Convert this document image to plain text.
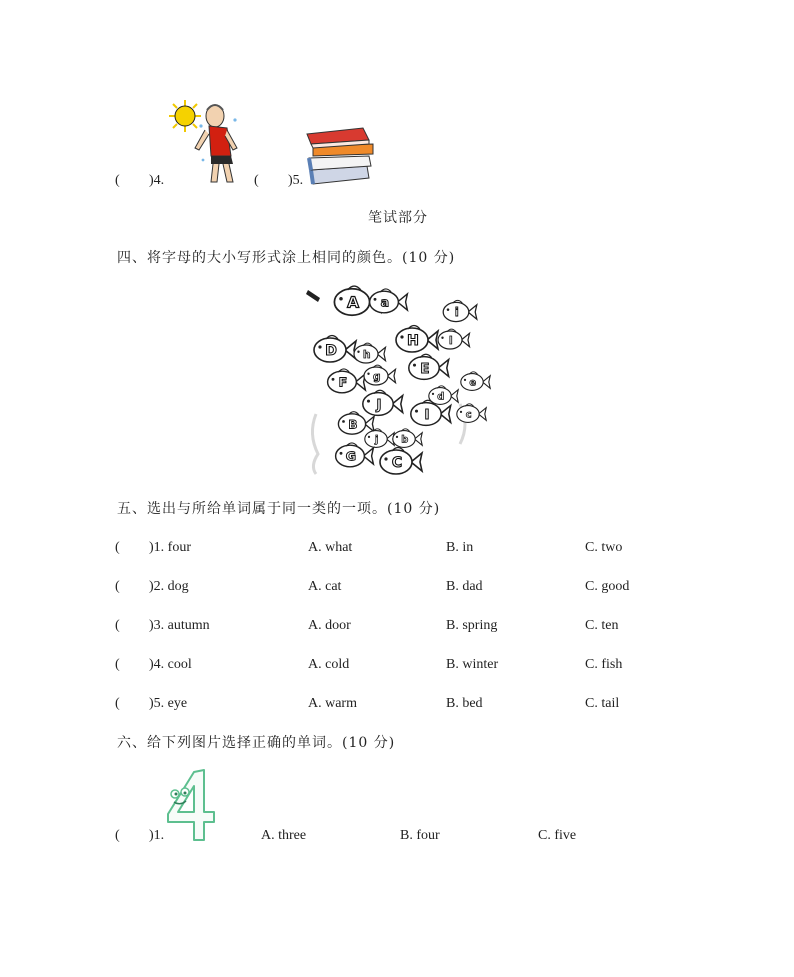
( )4.	( )5.
笔试部分
四、将字母的大小写形式涂上相同的颜色。(10 分)
A a
i
D h
H l
F g	E
e
d
J
I	c
B
j b
G	C
五、选出与所给单词属于同一类的一项。(10 分)
( )1. four	A. what	B. in	C. two
( )2. dog	A. cat	B. dad	C. good
( )3. autumn	A. door	B. spring	C. ten
( )4. cool	A. cold	B. winter	C. fish
( )5. eye	A. warm	B. bed	C. tail
六、给下列图片选择正确的单词。(10 分)
( )1.	A. three	B. four	C. five
